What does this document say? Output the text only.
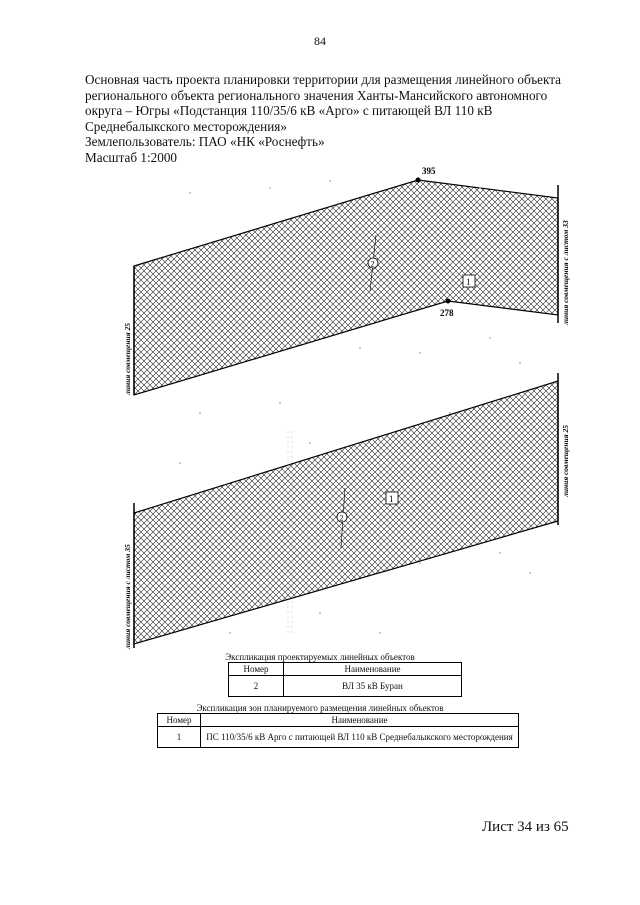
84
Основная часть проекта планировки территории для размещения линейного объекта
регионального объекта регионального значения Ханты-Мансийского автономного
округа – Югры «Подстанция 110/35/6 кВ «Арго» с питающей ВЛ 110 кВ
Среднебалыкского месторождения»
Землепользователь: ПАО «НК «Роснефть»
Масштаб 1:2000
395
278
1
1
2
2
линия совмещения 25
линия совмещения с листом 33
линия совмещения с листом 35
линия совмещения 25
Экспликация проектируемых линейных объектов
Номер	Наименование
2	ВЛ 35 кВ Буран
Экспликация зон планируемого размещения линейных объектов
Номер	Наименование
1	ПС 110/35/6 кВ Арго с питающей ВЛ 110 кВ Среднебалыкского месторождения
Лист 34 из 65
